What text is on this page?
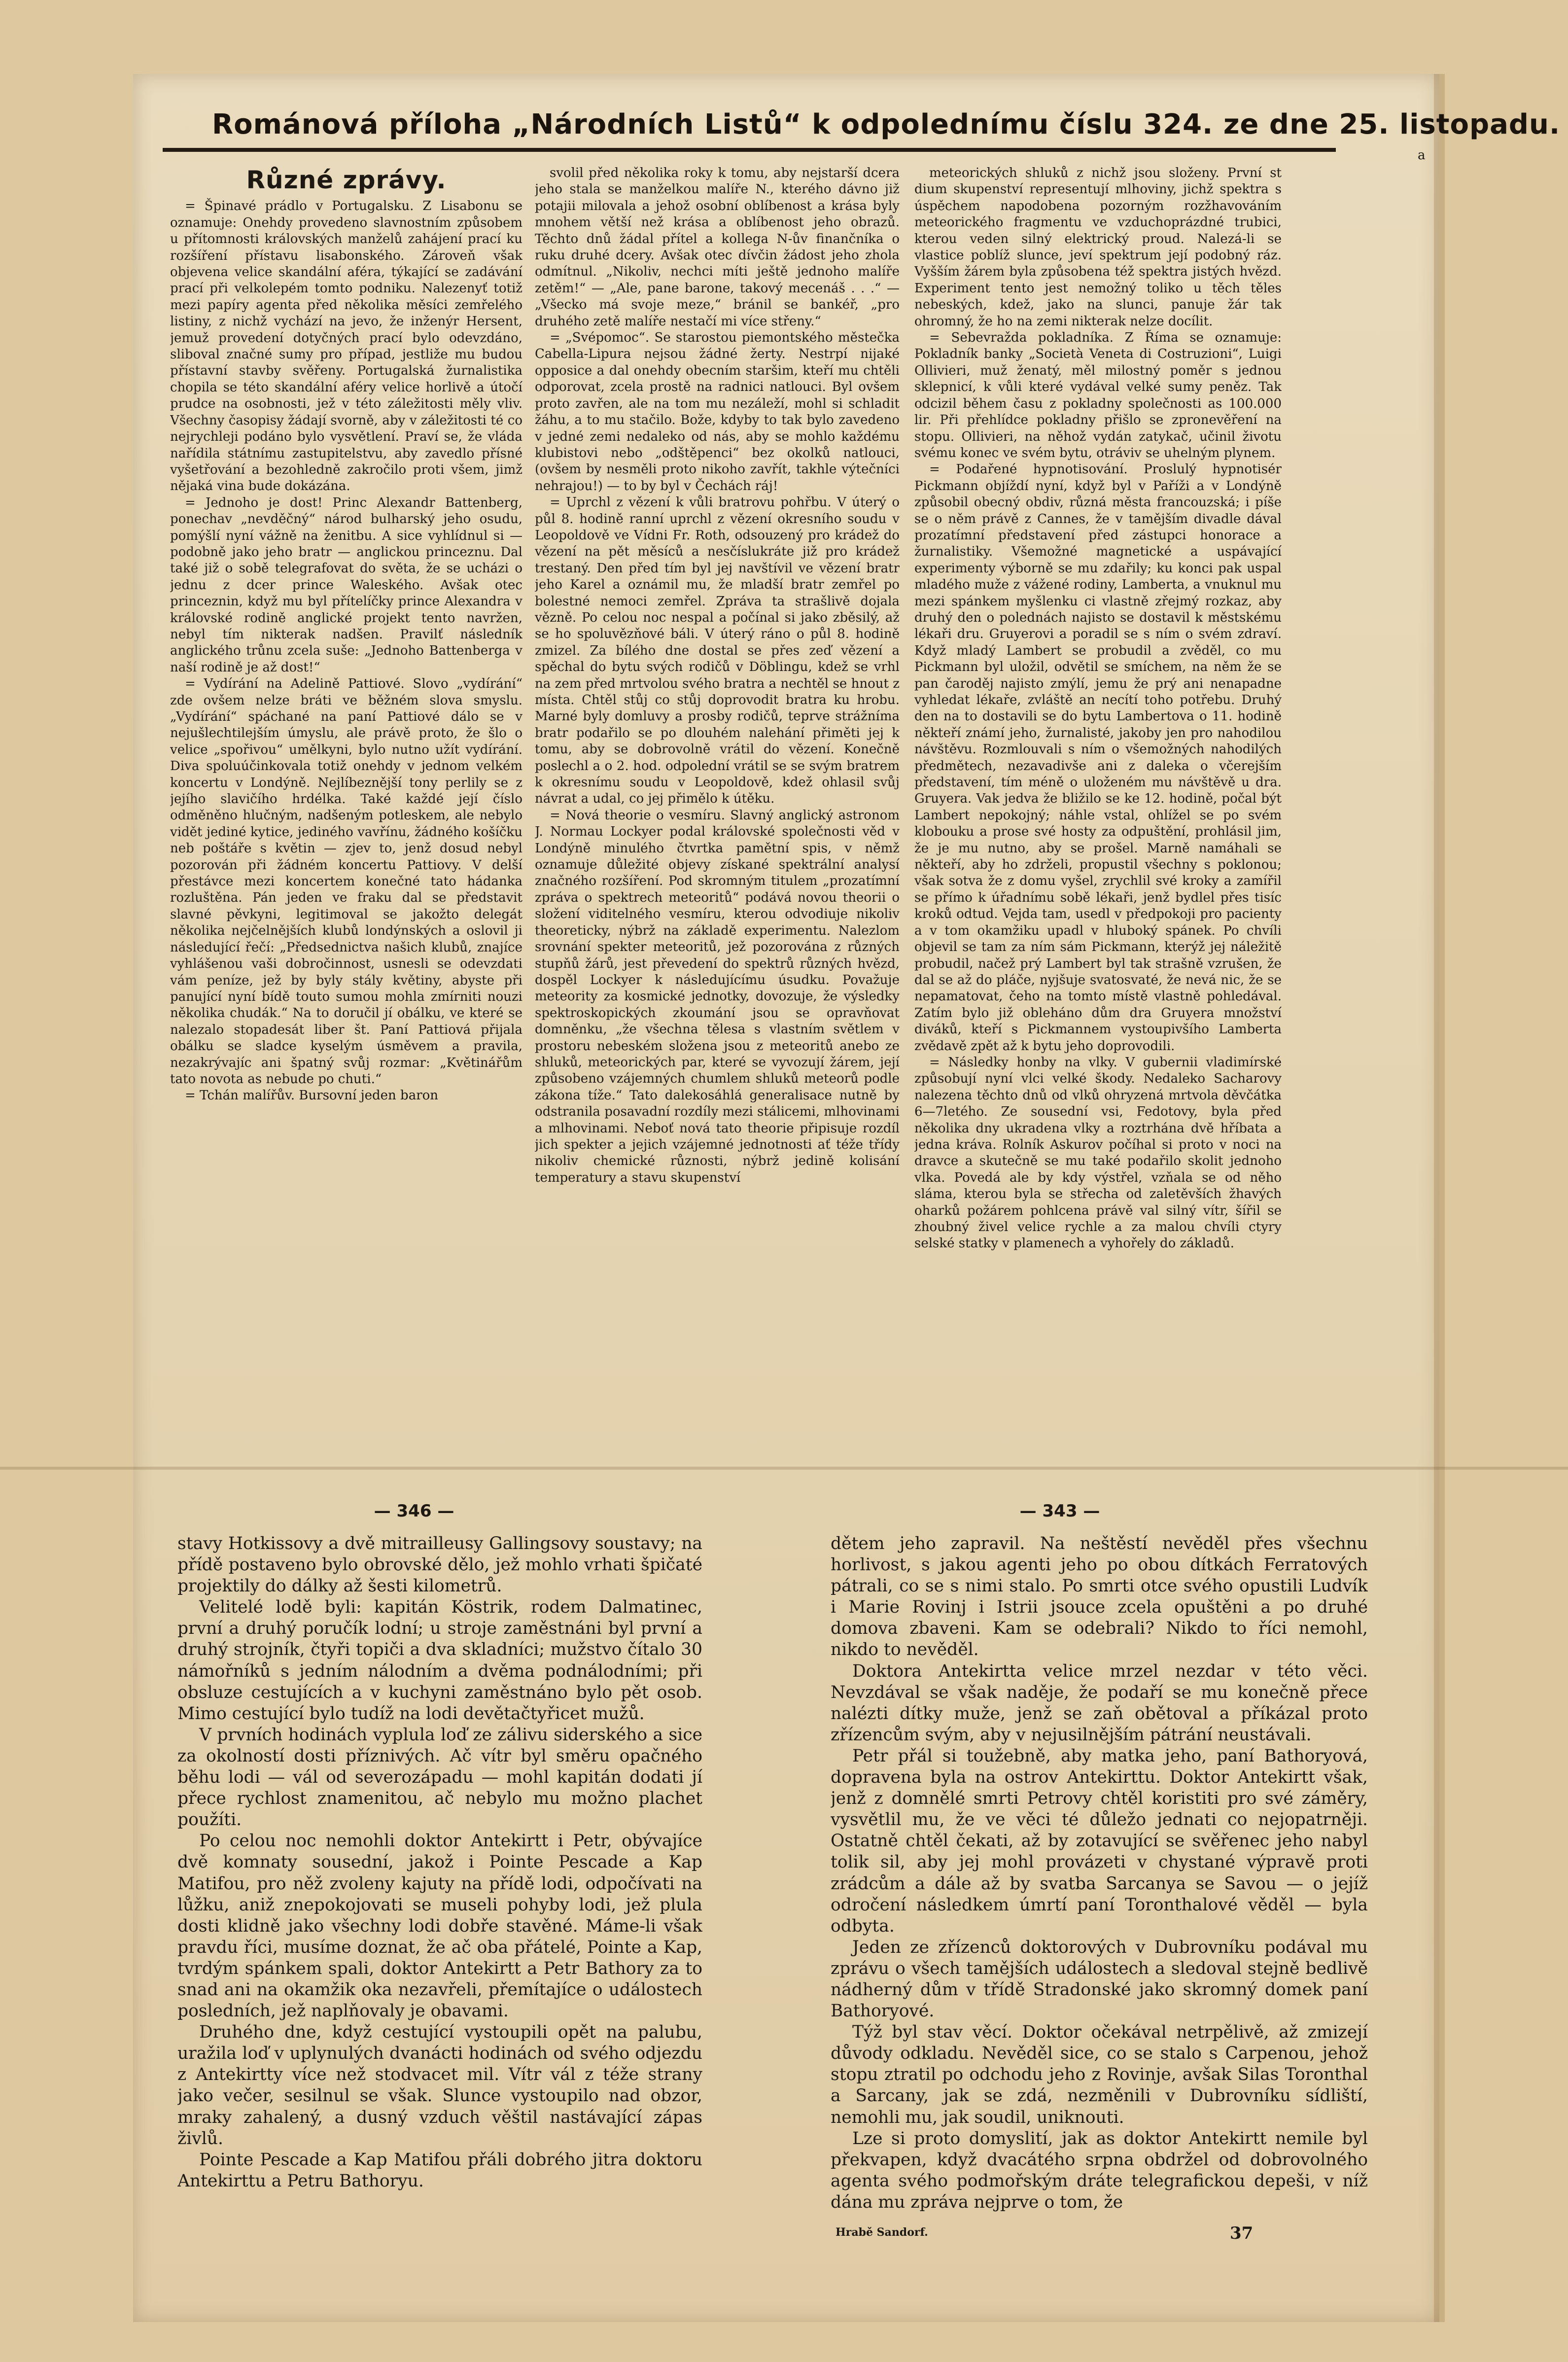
Románová příloha „Národních Listů“ k odpolednímu číslu 324. ze dne 25. listopadu.
a
Různé zprávy.

= Špinavé prádlo v Portugalsku. Z Lisabonu se oznamuje: Onehdy provedeno slavnostním způsobem u přítomnosti královských manželů zahájení prací ku rozšíření přístavu lisabonského. Zároveň však objevena velice skandální aféra, týkající se zadávání prací při velkolepém tomto podniku. Nalezenyť totiž mezi papíry agenta před několika měsíci zemřelého listiny, z nichž vychází na jevo, že inženýr Hersent, jemuž provedení dotyčných prací bylo odevzdáno, sliboval značné sumy pro případ, jestliže mu budou přístavní stavby svěřeny. Portugalská žurnalistika chopila se této skandální aféry velice horlivě a útočí prudce na osobnosti, jež v této záležitosti měly vliv. Všechny časopisy žádají svorně, aby v záležitosti té co nejrychleji podáno bylo vysvětlení. Praví se, že vláda nařídila státnímu zastupitelstvu, aby zavedlo přísné vyšetřování a bezohledně zakročilo proti všem, jimž nějaká vina bude dokázána.

= Jednoho je dost! Princ Alexandr Battenberg, ponechav „nevděčný“ národ bulharský jeho osudu, pomýšlí nyní vážně na ženitbu. A sice vyhlídnul si — podobně jako jeho bratr — anglickou princeznu. Dal také již o sobě telegrafovat do světa, že se ucházi o jednu z dcer prince Waleského. Avšak otec princeznin, když mu byl přítelíčky prince Alexandra v královské rodině anglické projekt tento navržen, nebyl tím nikterak nadšen. Pravilť následník anglického trůnu zcela suše: „Jednoho Battenberga v naší rodině je až dost!“

= Vydírání na Adelině Pattiové. Slovo „vydírání“ zde ovšem nelze bráti ve běžném slova smyslu. „Vydírání“ spáchané na paní Pattiové dálo se v nejušlechtilejším úmyslu, ale právě proto, že šlo o velice „spořivou“ umělkyni, bylo nutno užít vydírání. Diva spoluúčinkovala totiž onehdy v jednom velkém koncertu v Londýně. Nejlíbeznější tony perlily se z jejího slavičího hrdélka. Také každé její číslo odměněno hlučným, nadšeným potleskem, ale nebylo vidět jediné kytice, jediného vavřínu, žádného košíčku neb poštáře s květin — zjev to, jenž dosud nebyl pozorován při žádném koncertu Pattiovy. V delší přestávce mezi koncertem konečné tato hádanka rozluštěna. Pán jeden ve fraku dal se představit slavné pěvkyni, legitimoval se jakožto delegát několika nejčelnějších klubů londýnských a oslovil ji následující řečí: „Předsednictva našich klubů, znajíce vyhlášenou vaši dobročinnost, usnesli se odevzdati vám peníze, jež by byly stály květiny, abyste při panující nyní bídě touto sumou mohla zmírniti nouzi několika chudák.“ Na to doručil jí obálku, ve které se nalezalo stopadesát liber št. Paní Pattiová přijala obálku se sladce kyselým úsměvem a pravila, nezakrývajíc ani špatný svůj rozmar: „Květinářům tato novota as nebude po chuti.“

= Tchán malířův. Bursovní jeden baron

svolil před několika roky k tomu, aby nejstarší dcera jeho stala se manželkou malíře N., kterého dávno již potajii milovala a jehož osobní oblíbenost a krása byly mnohem větší než krása a oblíbenost jeho obrazů. Těchto dnů žádal přítel a kollega N-ův finančníka o ruku druhé dcery. Avšak otec dívčin žádost jeho zhola odmítnul. „Nikoliv, nechci míti ještě jednoho malíře zetěm!“ — „Ale, pane barone, takový mecenáš . . .“ — „Všecko má svoje meze,“ bránil se bankéř, „pro druhého zetě malíře nestačí mi více střeny.“

= „Svépomoc“. Se starostou piemontského městečka Cabella-Lipura nejsou žádné žerty. Nestrpí nijaké opposice a dal onehdy obecním staršim, kteří mu chtěli odporovat, zcela prostě na radnici natlouci. Byl ovšem proto zavřen, ale na tom mu nezáleží, mohl si schladit žáhu, a to mu stačilo. Bože, kdyby to tak bylo zavedeno v jedné zemi nedaleko od nás, aby se mohlo každému klubistovi nebo „odštěpenci“ bez okolků natlouci, (ovšem by nesměli proto nikoho zavřít, takhle výtečníci nehrajou!) — to by byl v Čechách ráj!

= Uprchl z vězení k vůli bratrovu pohřbu. V úterý o půl 8. hodině ranní uprchl z vězení okresního soudu v Leopoldově ve Vídni Fr. Roth, odsouzený pro krádež do vězení na pět měsíců a nesčíslukráte již pro krádež trestaný. Den před tím byl jej navštívil ve vězení bratr jeho Karel a oznámil mu, že mladší bratr zemřel po bolestné nemoci zemřel. Zpráva ta strašlivě dojala vězně. Po celou noc nespal a počínal si jako zběsilý, až se ho spoluvězňové báli. V úterý ráno o půl 8. hodině zmizel. Za bílého dne dostal se přes zeď vězení a spěchal do bytu svých rodičů v Döblingu, kdež se vrhl na zem před mrtvolou svého bratra a nechtěl se hnout z místa. Chtěl stůj co stůj doprovodit bratra ku hrobu. Marné byly domluvy a prosby rodičů, teprve strážníma bratr podařilo se po dlouhém nalehání přiměti jej k tomu, aby se dobrovolně vrátil do vězení. Konečně poslechl a o 2. hod. odpolední vrátil se se svým bratrem k okresnímu soudu v Leopoldově, kdež ohlasil svůj návrat a udal, co jej přimělo k útěku.

= Nová theorie o vesmíru. Slavný anglický astronom J. Normau Lockyer podal královské společnosti věd v Londýně minulého čtvrtka pamětní spis, v němž oznamuje důležité objevy získané spektrální analysí značného rozšíření. Pod skromným titulem „prozatímní zpráva o spektrech meteoritů“ podává novou theorii o složení viditelného vesmíru, kterou odvodiuje nikoliv theoreticky, nýbrž na základě experimentu. Nalezlom srovnání spekter meteoritů, jež pozorována z různých stupňů žárů, jest převedení do spektrů různých hvězd, dospěl Lockyer k následujícímu úsudku. Považuje meteority za kosmické jednotky, dovozuje, že výsledky spektroskopických zkoumání jsou se opravňovat domněnku, „že všechna tělesa s vlastním světlem v prostoru nebeském složena jsou z meteoritů anebo ze shluků, meteorických par, které se vyvozují žárem, její způsobeno vzájemných chumlem shluků meteorů podle zákona tíže.“ Tato dalekosáhlá generalisace nutně by odstranila posavadní rozdíly mezi stálicemi, mlhovinami a mlhovinami. Neboť nová tato theorie připisuje rozdíl jich spekter a jejich vzájemné jednotnosti ať téže třídy nikoliv chemické různosti, nýbrž jedině kolisání temperatury a stavu skupenství

meteorických shluků z nichž jsou složeny. První st dium skupenství representují mlhoviny, jichž spektra s úspěchem napodobena pozorným rozžhavováním meteorického fragmentu ve vzduchoprázdné trubici, kterou veden silný elektrický proud. Nalezá-li se vlastice poblíž slunce, jeví spektrum její podobný ráz. Vyšším žárem byla způsobena též spektra jistých hvězd. Experiment tento jest nemožný toliko u těch těles nebeských, kdež, jako na slunci, panuje žár tak ohromný, že ho na zemi nikterak nelze docílit.

= Sebevražda pokladníka. Z Říma se oznamuje: Pokladník banky „Società Veneta di Costruzioni“, Luigi Ollivieri, muž ženatý, měl milostný poměr s jednou sklepnicí, k vůli které vydával velké sumy peněz. Tak odcizil během času z pokladny společnosti as 100.000 lir. Při přehlídce pokladny přišlo se zpronevěření na stopu. Ollivieri, na něhož vydán zatykač, učinil životu svému konec ve svém bytu, otráviv se uhelným plynem.

= Podařené hypnotisování. Proslulý hypnotisér Pickmann objíždí nyní, když byl v Paříži a v Londýně způsobil obecný obdiv, různá města francouzská; i píše se o něm právě z Cannes, že v tamějším divadle dával prozatímní představení před zástupci honorace a žurnalistiky. Všemožné magnetické a uspávající experimenty výborně se mu zdařily; ku konci pak uspal mladého muže z vážené rodiny, Lamberta, a vnuknul mu mezi spánkem myšlenku ci vlastně zřejmý rozkaz, aby druhý den o polednách najisto se dostavil k městskému lékaři dru. Gruyerovi a poradil se s ním o svém zdraví. Když mladý Lambert se probudil a zvěděl, co mu Pickmann byl uložil, odvětil se smíchem, na něm že se pan čaroděj najisto zmýlí, jemu že prý ani nenapadne vyhledat lékaře, zvláště an necítí toho potřebu. Druhý den na to dostavili se do bytu Lambertova o 11. hodině někteří známí jeho, žurnalisté, jakoby jen pro nahodilou návštěvu. Rozmlouvali s ním o všemožných nahodilých předmětech, nezavadivše ani z daleka o včerejším představení, tím méně o uloženém mu návštěvě u dra. Gruyera. Vak jedva že bližilo se ke 12. hodině, počal být Lambert nepokojný; náhle vstal, ohlížel se po svém klobouku a prose své hosty za odpuštění, prohlásil jim, že je mu nutno, aby se prošel. Marně namáhali se někteří, aby ho zdrželi, propustil všechny s poklonou; však sotva že z domu vyšel, zrychlil své kroky a zamířil se přímo k úřadnímu sobě lékaři, jenž bydlel přes tisíc kroků odtud. Vejda tam, usedl v předpokoji pro pacienty a v tom okamžiku upadl v hluboký spánek. Po chvíli objevil se tam za ním sám Pickmann, kterýž jej náležitě probudil, načež prý Lambert byl tak strašně vzrušen, že dal se až do pláče, nyjšuje svatosvaté, že nevá nic, že se nepamatovat, čeho na tomto místě vlastně pohledával. Zatím bylo již obleháno dům dra Gruyera množství diváků, kteří s Pickmannem vystoupivšího Lamberta zvědavě zpět až k bytu jeho doprovodili.

= Následky honby na vlky. V gubernii vladimírské způsobují nyní vlci velké škody. Nedaleko Sacharovy nalezena těchto dnů od vlků ohryzená mrtvola děvčátka 6—7letého. Ze sousední vsi, Fedotovy, byla před několika dny ukradena vlky a roztrhána dvě hříbata a jedna kráva. Rolník Askurov počíhal si proto v noci na dravce a skutečně se mu také podařilo skolit jednoho vlka. Povedá ale by kdy výstřel, vzňala se od něho sláma, kterou byla se střecha od zaletěvších žhavých oharků požárem pohlcena právě val silný vítr, šířil se zhoubný živel velice rychle a za malou chvíli ctyry selské statky v plamenech a vyhořely do základů.

— 346 —	— 343 —

stavy Hotkissovy a dvě mitrailleusy Gallingsovy soustavy; na přídě postaveno bylo obrovské dělo, jež mohlo vrhati špičaté projektily do dálky až šesti kilometrů.

Velitelé lodě byli: kapitán Köstrik, rodem Dalmatinec, první a druhý poručík lodní; u stroje zaměstnáni byl první a druhý strojník, čtyři topiči a dva skladníci; mužstvo čítalo 30 námořníků s jedním nálodním a dvěma podnálodními; při obsluze cestujících a v kuchyni zaměstnáno bylo pět osob. Mimo cestující bylo tudíž na lodi devětačtyřicet mužů.

V prvních hodinách vyplula loď ze zálivu siderského a sice za okolností dosti příznivých. Ač vítr byl směru opačného běhu lodi — vál od severozápadu — mohl kapitán dodati jí přece rychlost znamenitou, ač nebylo mu možno plachet použíti.

Po celou noc nemohli doktor Antekirtt i Petr, obývajíce dvě komnaty sousední, jakož i Pointe Pescade a Kap Matifou, pro něž zvoleny kajuty na přídě lodi, odpočívati na lůžku, aniž znepokojovati se museli pohyby lodi, jež plula dosti klidně jako všechny lodi dobře stavěné. Máme-li však pravdu říci, musíme doznat, že ač oba přátelé, Pointe a Kap, tvrdým spánkem spali, doktor Antekirtt a Petr Bathory za to snad ani na okamžik oka nezavřeli, přemítajíce o událostech posledních, jež naplňovaly je obavami.

Druhého dne, když cestující vystoupili opět na palubu, uražila loď v uplynulých dvanácti hodinách od svého odjezdu z Antekirtty více než stodvacet mil. Vítr vál z téže strany jako večer, sesilnul se však. Slunce vystoupilo nad obzor, mraky zahalený, a dusný vzduch věštil nastávající zápas živlů.

Pointe Pescade a Kap Matifou přáli dobrého jitra doktoru Antekirttu a Petru Bathoryu.

dětem jeho zapravil. Na neštěstí nevěděl přes všechnu horlivost, s jakou agenti jeho po obou dítkách Ferratových pátrali, co se s nimi stalo. Po smrti otce svého opustili Ludvík i Marie Rovinj i Istrii jsouce zcela opuštěni a po druhé domova zbaveni. Kam se odebrali? Nikdo to říci nemohl, nikdo to nevěděl.

Doktora Antekirtta velice mrzel nezdar v této věci. Nevzdával se však naděje, že podaří se mu konečně přece nalézti dítky muže, jenž se zaň obětoval a příkázal proto zřízencům svým, aby v nejusilnějším pátrání neustávali.

Petr přál si toužebně, aby matka jeho, paní Bathoryová, dopravena byla na ostrov Antekirttu. Doktor Antekirtt však, jenž z domnělé smrti Petrovy chtěl koristiti pro své záměry, vysvětlil mu, že ve věci té důležo jednati co nejopatrněji. Ostatně chtěl čekati, až by zotavující se svěřenec jeho nabyl tolik sil, aby jej mohl provázeti v chystané výpravě proti zrádcům a dále až by svatba Sarcanya se Savou — o jejíž odročení následkem úmrtí paní Toronthalové věděl — byla odbyta.

Jeden ze zřízenců doktorových v Dubrovníku podával mu zprávu o všech tamějších událostech a sledoval stejně bedlivě nádherný dům v třídě Stradonské jako skromný domek paní Bathoryové.

Týž byl stav věcí. Doktor očekával netrpělivě, až zmizejí důvody odkladu. Nevěděl sice, co se stalo s Carpenou, jehož stopu ztratil po odchodu jeho z Rovinje, avšak Silas Toronthal a Sarcany, jak se zdá, nezměnili v Dubrovníku sídliští, nemohli mu, jak soudil, uniknouti.

Lze si proto domyslití, jak as doktor Antekirtt nemile byl překvapen, když dvacátého srpna obdržel od dobrovolného agenta svého podmořským dráte telegrafickou depeši, v níž dána mu zpráva nejprve o tom, že

Hrabě Sandorf.	37
